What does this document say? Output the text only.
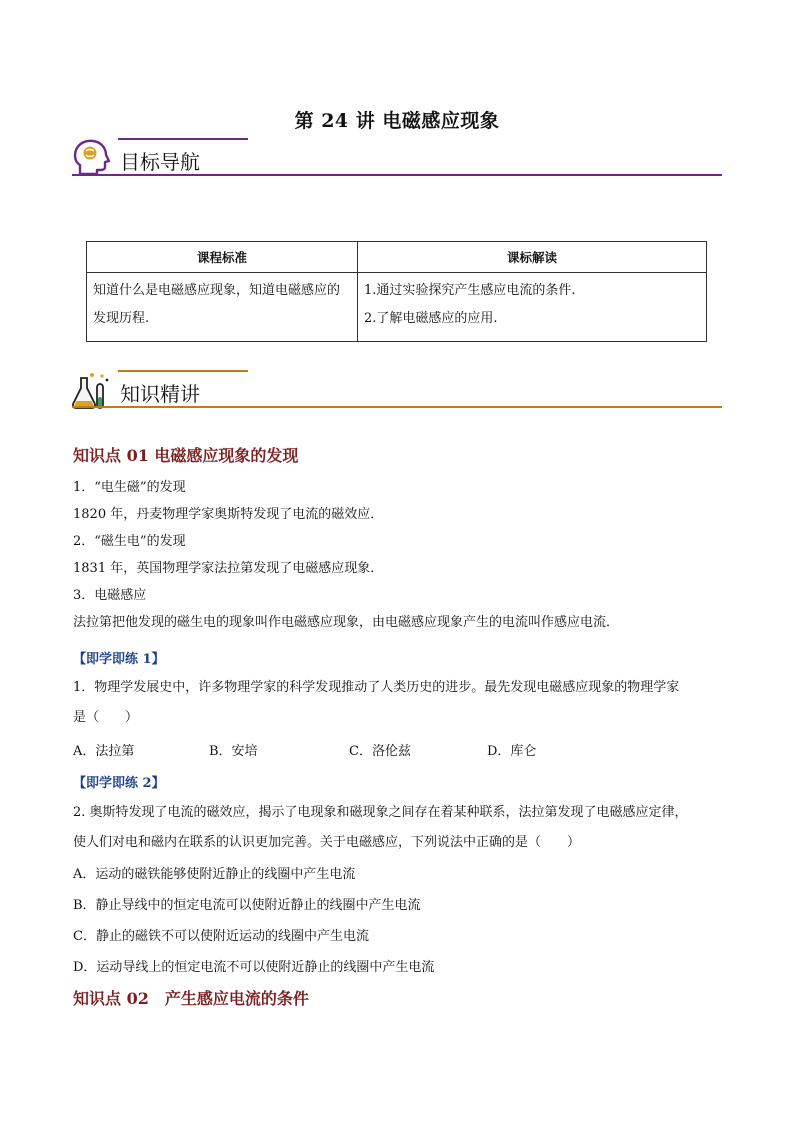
第 24 讲 电磁感应现象
目标导航
课程标准	课标解读
知道什么是电磁感应现象，知道电磁感应的发现历程.	1.通过实验探究产生感应电流的条件.
2.了解电磁感应的应用.
知识精讲
知识点 01 电磁感应现象的发现
1．“电生磁”的发现
1820 年，丹麦物理学家奥斯特发现了电流的磁效应．
2．“磁生电”的发现
1831 年，英国物理学家法拉第发现了电磁感应现象．
3．电磁感应
法拉第把他发现的磁生电的现象叫作电磁感应现象，由电磁感应现象产生的电流叫作感应电流．
【即学即练 1】
1．物理学发展史中，许多物理学家的科学发现推动了人类历史的进步。最先发现电磁感应现象的物理学家
是（　　）
A．法拉第	B．安培	C．洛伦兹	D．库仑
【即学即练 2】
2. 奥斯特发现了电流的磁效应，揭示了电现象和磁现象之间存在着某种联系，法拉第发现了电磁感应定律，
使人们对电和磁内在联系的认识更加完善。关于电磁感应，下列说法中正确的是（　　）
A．运动的磁铁能够使附近静止的线圈中产生电流
B．静止导线中的恒定电流可以使附近静止的线圈中产生电流
C．静止的磁铁不可以使附近运动的线圈中产生电流
D．运动导线上的恒定电流不可以使附近静止的线圈中产生电流
知识点 02　产生感应电流的条件
